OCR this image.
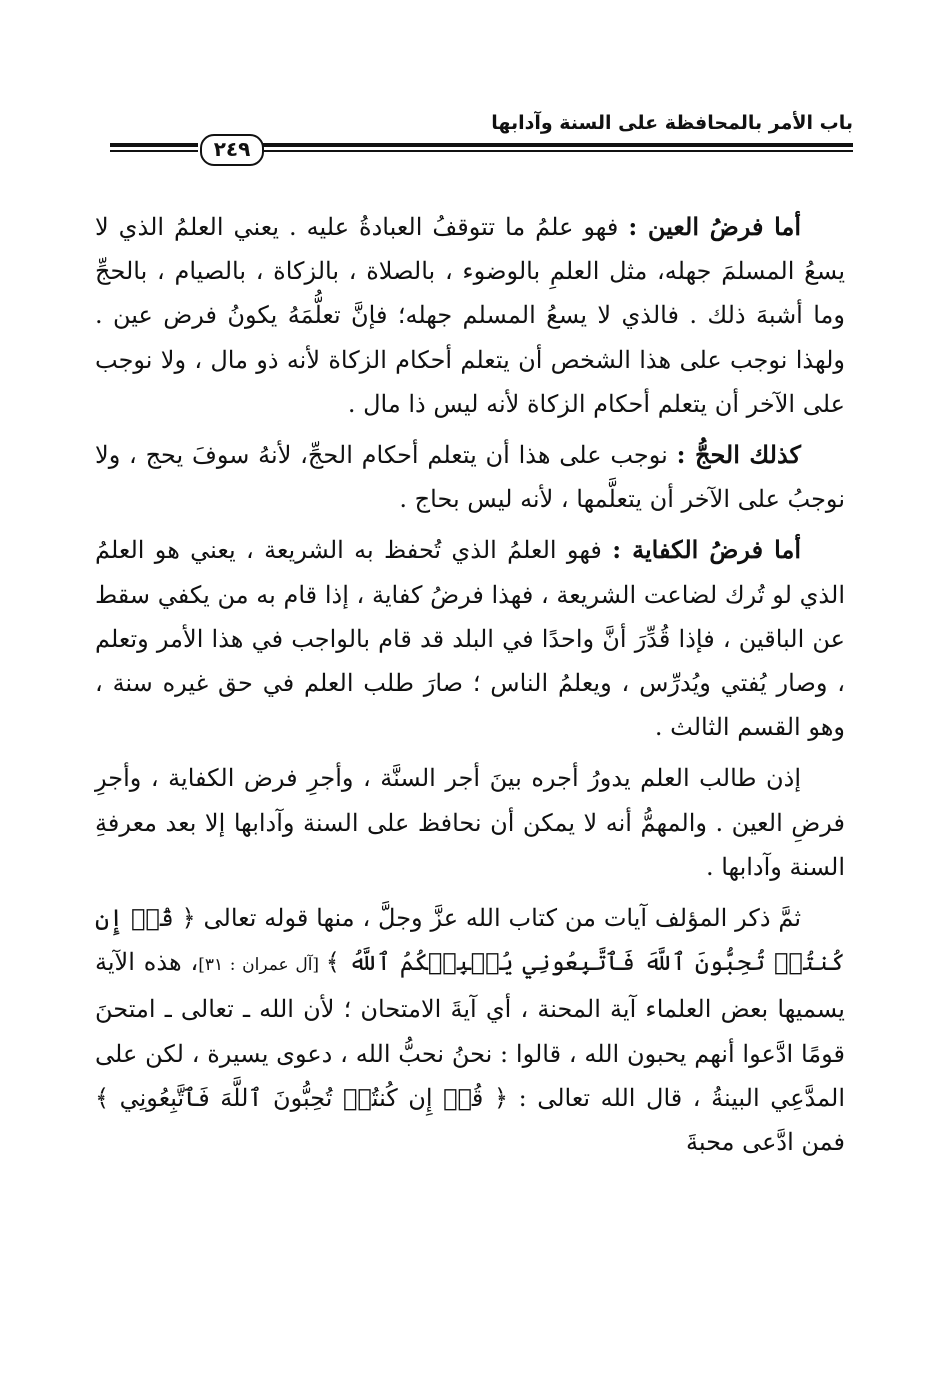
باب الأمر بالمحافظة على السنة وآدابها
٢٤٩

أما فرضُ العين : فهو علمُ ما تتوقفُ العبادةُ عليه . يعني العلمُ الذي لا يسعُ المسلمَ جهله، مثل العلمِ بالوضوء ، بالصلاة ، بالزكاة ، بالصيام ، بالحجِّ وما أشبهَ ذلك . فالذي لا يسعُ المسلم جهله؛ فإنَّ تعلُّمَهُ يكونُ فرض عين . ولهذا نوجب على هذا الشخص أن يتعلم أحكام الزكاة لأنه ذو مال ، ولا نوجب على الآخر أن يتعلم أحكام الزكاة لأنه ليس ذا مال .

كذلك الحجُّ : نوجب على هذا أن يتعلم أحكام الحجِّ، لأنهُ سوفَ يحج ، ولا نوجبُ على الآخر أن يتعلَّمها ، لأنه ليس بحاج .

أما فرضُ الكفاية : فهو العلمُ الذي تُحفظ به الشريعة ، يعني هو العلمُ الذي لو تُرك لضاعت الشريعة ، فهذا فرضُ كفاية ، إذا قام به من يكفي سقط عن الباقين ، فإذا قُدِّرَ أنَّ واحدًا في البلد قد قام بالواجب في هذا الأمر وتعلم ، وصار يُفتي ويُدرِّس ، ويعلمُ الناس ؛ صارَ طلب العلم في حق غيره سنة ، وهو القسم الثالث .

إذن طالب العلم يدورُ أجره بينَ أجر السنَّة ، وأجرِ فرض الكفاية ، وأجرِ فرضِ العين . والمهمُّ أنه لا يمكن أن نحافظ على السنة وآدابها إلا بعد معرفةِ السنة وآدابها .

ثمَّ ذكر المؤلف آيات من كتاب الله عزَّ وجلَّ ، منها قوله تعالى ﴿ قُلۡ إِن كُنتُمۡ تُحِبُّونَ ٱللَّهَ فَٱتَّبِعُونِي يُحۡبِبۡكُمُ ٱللَّهُ ﴾ [آل عمران : ٣١]، هذه الآية يسميها بعض العلماء آية المحنة ، أي آيةَ الامتحان ؛ لأن الله ـ تعالى ـ امتحنَ قومًا ادَّعوا أنهم يحبون الله ، قالوا : نحنُ نحبُّ الله ، دعوى يسيرة ، لكن على المدَّعِي البينةُ ، قال الله تعالى : ﴿ قُلۡ إِن كُنتُمۡ تُحِبُّونَ ٱللَّهَ فَٱتَّبِعُونِي ﴾ فمن ادَّعى محبةَ
